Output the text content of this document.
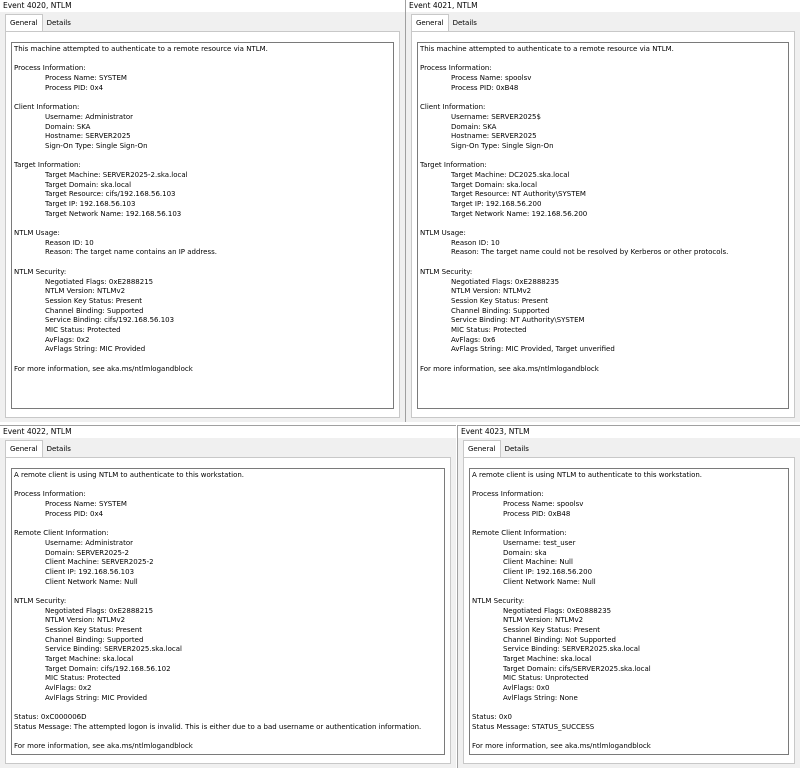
Event 4020, NTLM
General Details
This machine attempted to authenticate to a remote resource via NTLM.
Process Information:
Process Name: SYSTEM
Process PID: 0x4
Client Information:
Username: Administrator
Domain: SKA
Hostname: SERVER2025
Sign-On Type: Single Sign-On
Target Information:
Target Machine: SERVER2025-2.ska.local
Target Domain: ska.local
Target Resource: cifs/192.168.56.103
Target IP: 192.168.56.103
Target Network Name: 192.168.56.103
NTLM Usage:
Reason ID: 10
Reason: The target name contains an IP address.
NTLM Security:
Negotiated Flags: 0xE2888215
NTLM Version: NTLMv2
Session Key Status: Present
Channel Binding: Supported
Service Binding: cifs/192.168.56.103
MIC Status: Protected
AvFlags: 0x2
AvFlags String: MIC Provided
For more information, see aka.ms/ntlmlogandblock
Event 4021, NTLM
General Details
This machine attempted to authenticate to a remote resource via NTLM.
Process Information:
Process Name: spoolsv
Process PID: 0xB48
Client Information:
Username: SERVER2025$
Domain: SKA
Hostname: SERVER2025
Sign-On Type: Single Sign-On
Target Information:
Target Machine: DC2025.ska.local
Target Domain: ska.local
Target Resource: NT Authority\SYSTEM
Target IP: 192.168.56.200
Target Network Name: 192.168.56.200
NTLM Usage:
Reason ID: 10
Reason: The target name could not be resolved by Kerberos or other protocols.
NTLM Security:
Negotiated Flags: 0xE2888235
NTLM Version: NTLMv2
Session Key Status: Present
Channel Binding: Supported
Service Binding: NT Authority\SYSTEM
MIC Status: Protected
AvFlags: 0x6
AvFlags String: MIC Provided, Target unverified
For more information, see aka.ms/ntlmlogandblock
Event 4022, NTLM
General Details
A remote client is using NTLM to authenticate to this workstation.
Process Information:
Process Name: SYSTEM
Process PID: 0x4
Remote Client Information:
Username: Administrator
Domain: SERVER2025-2
Client Machine: SERVER2025-2
Client IP: 192.168.56.103
Client Network Name: Null
NTLM Security:
Negotiated Flags: 0xE2888215
NTLM Version: NTLMv2
Session Key Status: Present
Channel Binding: Supported
Service Binding: SERVER2025.ska.local
Target Machine: ska.local
Target Domain: cifs/192.168.56.102
MIC Status: Protected
AvlFlags: 0x2
AvlFlags String: MIC Provided
Status: 0xC000006D
Status Message: The attempted logon is invalid. This is either due to a bad username or authentication information.
For more information, see aka.ms/ntlmlogandblock
Event 4023, NTLM
General Details
A remote client is using NTLM to authenticate to this workstation.
Process Information:
Process Name: spoolsv
Process PID: 0xB48
Remote Client Information:
Username: test_user
Domain: ska
Client Machine: Null
Client IP: 192.168.56.200
Client Network Name: Null
NTLM Security:
Negotiated Flags: 0xE0888235
NTLM Version: NTLMv2
Session Key Status: Present
Channel Binding: Not Supported
Service Binding: SERVER2025.ska.local
Target Machine: ska.local
Target Domain: cifs/SERVER2025.ska.local
MIC Status: Unprotected
AvlFlags: 0x0
AvlFlags String: None
Status: 0x0
Status Message: STATUS_SUCCESS
For more information, see aka.ms/ntlmlogandblock
